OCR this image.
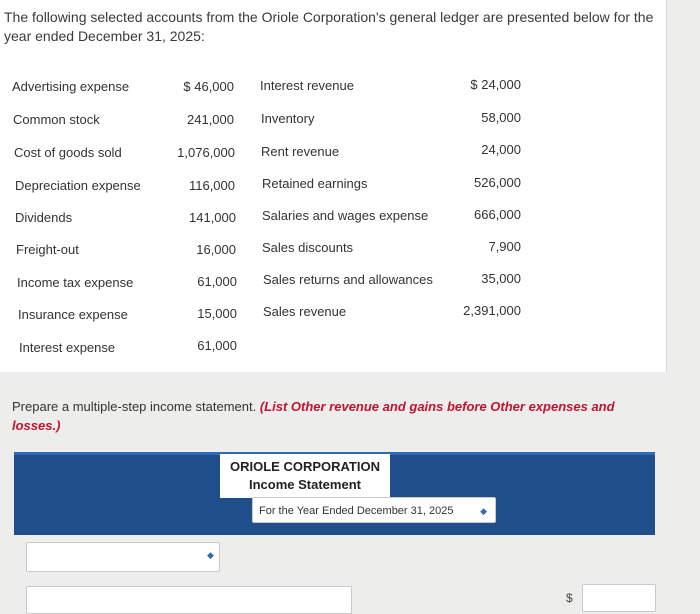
The following selected accounts from the Oriole Corporation's general ledger are presented below for the year ended December 31, 2025:
Advertising expense	$ 46,000
Common stock	241,000
Cost of goods sold	1,076,000
Depreciation expense	116,000
Dividends	141,000
Freight-out	16,000
Income tax expense	61,000
Insurance expense	15,000
Interest expense	61,000
Interest revenue	$ 24,000
Inventory	58,000
Rent revenue	24,000
Retained earnings	526,000
Salaries and wages expense	666,000
Sales discounts	7,900
Sales returns and allowances	35,000
Sales revenue	2,391,000
Prepare a multiple-step income statement. (List Other revenue and gains before Other expenses and losses.)
ORIOLE CORPORATION
Income Statement
For the Year Ended December 31, 2025	◆
◆
$
